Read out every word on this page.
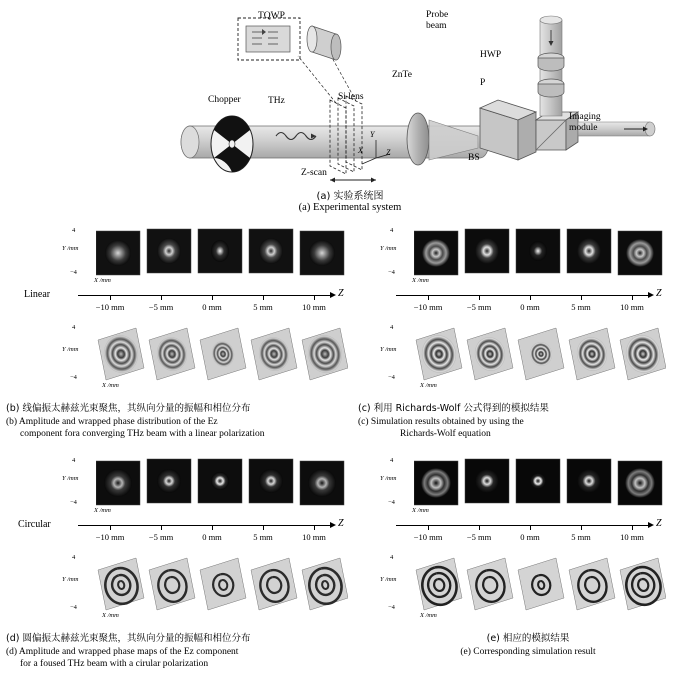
TQWP	Probe
beam
HWP
P
Imaging
module
BS
ZnTe
Si lens
THz
Chopper
Z-scan
X
Y
Z
(a) 实验系统图
(a) Experimental system
4
Y /mm
−4
X /mm
Linear	Z
−10 mm	−5 mm	0 mm	5 mm	10 mm
4
Y /mm
−4
X /mm
(b) 线偏振太赫兹光束聚焦，其纵向分量的振幅和相位分布
(b) Amplitude and wrapped phase distribution of the Ez
component fora converging THz beam with a linear polarization
4
Y /mm
−4
X /mm
Z
−10 mm	−5 mm	0 mm	5 mm	10 mm
4
Y /mm
−4
X /mm
(c) 利用 Richards-Wolf 公式得到的模拟结果
(c) Simulation results obtained by using the
Richards-Wolf equation
4
Y /mm
−4
X /mm
Circular	Z
−10 mm	−5 mm	0 mm	5 mm	10 mm
4
Y /mm
−4
X /mm
(d) 圆偏振太赫兹光束聚焦，其纵向分量的振幅和相位分布
(d) Amplitude and wrapped phase maps of the Ez component
for a foused THz beam with a cirular polarization
4
Y /mm
−4
X /mm
Z
−10 mm	−5 mm	0 mm	5 mm	10 mm
4
Y /mm
−4
X /mm
(e) 相应的模拟结果
(e) Corresponding simulation result
